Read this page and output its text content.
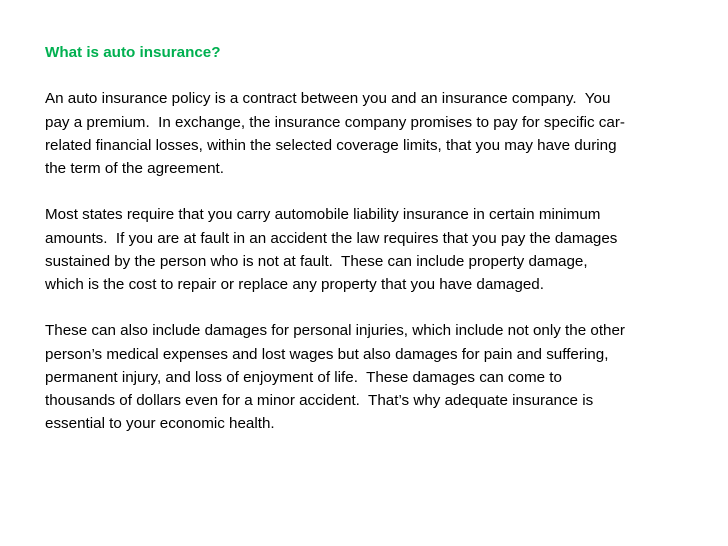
What is auto insurance?

An auto insurance policy is a contract between you and an insurance company.  You
pay a premium.  In exchange, the insurance company promises to pay for specific car-
related financial losses, within the selected coverage limits, that you may have during
the term of the agreement.

Most states require that you carry automobile liability insurance in certain minimum
amounts.  If you are at fault in an accident the law requires that you pay the damages
sustained by the person who is not at fault.  These can include property damage,
which is the cost to repair or replace any property that you have damaged.

These can also include damages for personal injuries, which include not only the other
person’s medical expenses and lost wages but also damages for pain and suffering,
permanent injury, and loss of enjoyment of life.  These damages can come to
thousands of dollars even for a minor accident.  That’s why adequate insurance is
essential to your economic health.
